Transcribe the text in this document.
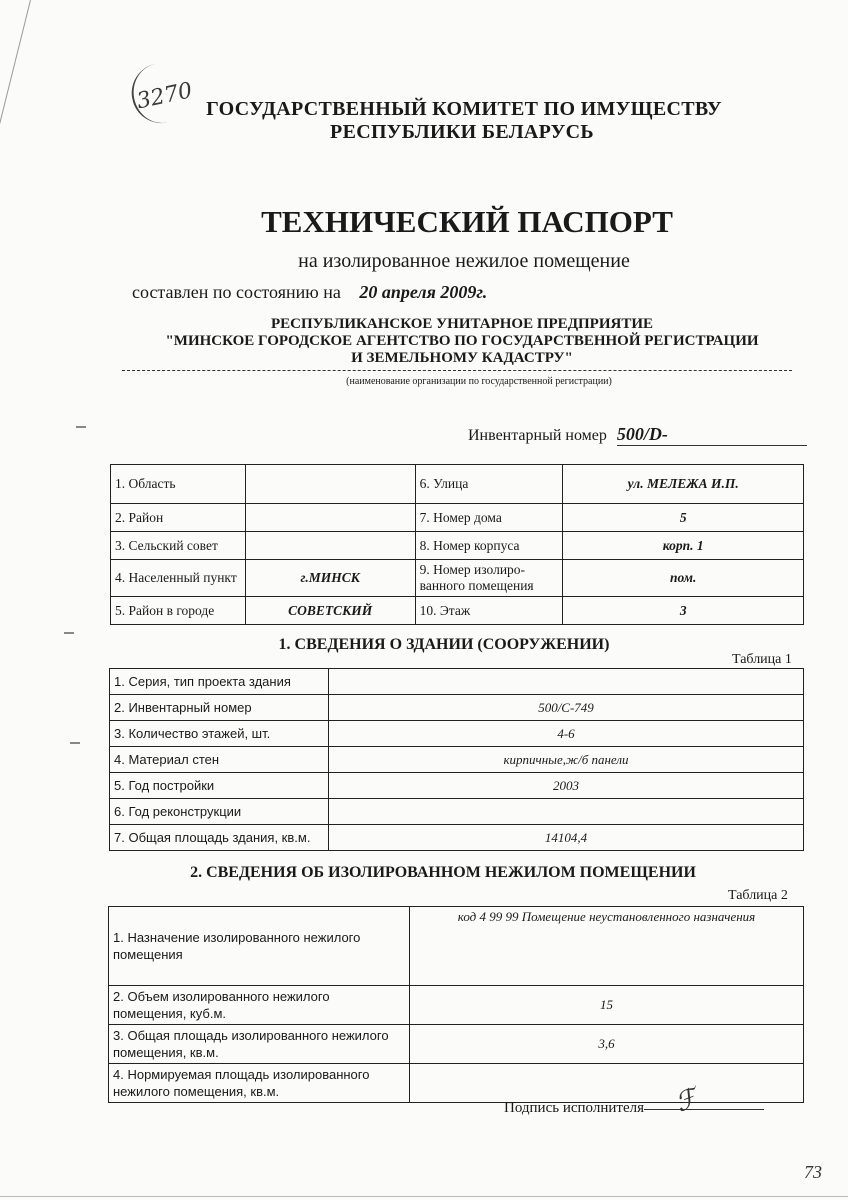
3270 ГОСУДАРСТВЕННЫЙ КОМИТЕТ ПО ИМУЩЕСТВУ
РЕСПУБЛИКИ БЕЛАРУСЬ
ТЕХНИЧЕСКИЙ ПАСПОРТ
на изолированное нежилое помещение
составлен по состоянию на 20 апреля 2009г.
РЕСПУБЛИКАНСКОЕ УНИТАРНОЕ ПРЕДПРИЯТИЕ
"МИНСКОЕ ГОРОДСКОЕ АГЕНТСТВО ПО ГОСУДАРСТВЕННОЙ РЕГИСТРАЦИИ
И ЗЕМЕЛЬНОМУ КАДАСТРУ"
(наименование организации по государственной регистрации)
Инвентарный номер 500/D-
1. Область		6. Улица	ул. МЕЛЕЖА И.П.
2. Район		7. Номер дома	5
3. Сельский совет		8. Номер корпуса	корп. 1
4. Населенный пункт	г.МИНСК	9. Номер изолиро-ванного помещения	пом.
5. Район в городе	СОВЕТСКИЙ	10. Этаж	3
1. СВЕДЕНИЯ О ЗДАНИИ (СООРУЖЕНИИ)
Таблица 1
1. Серия, тип проекта здания	
2. Инвентарный номер	500/С-749
3. Количество этажей, шт.	4-6
4. Материал стен	кирпичные,ж/б панели
5. Год постройки	2003
6. Год реконструкции	
7. Общая площадь здания, кв.м.	14104,4
2. СВЕДЕНИЯ ОБ ИЗОЛИРОВАННОМ НЕЖИЛОМ ПОМЕЩЕНИИ
Таблица 2
1. Назначение изолированного нежилого помещения	код 4 99 99 Помещение неустановленного назначения
2. Объем изолированного нежилого помещения, куб.м.	15
3. Общая площадь изолированного нежилого помещения, кв.м.	3,6
4. Нормируемая площадь изолированного нежилого помещения, кв.м.	
Подпись исполнителя	ℱ
73
